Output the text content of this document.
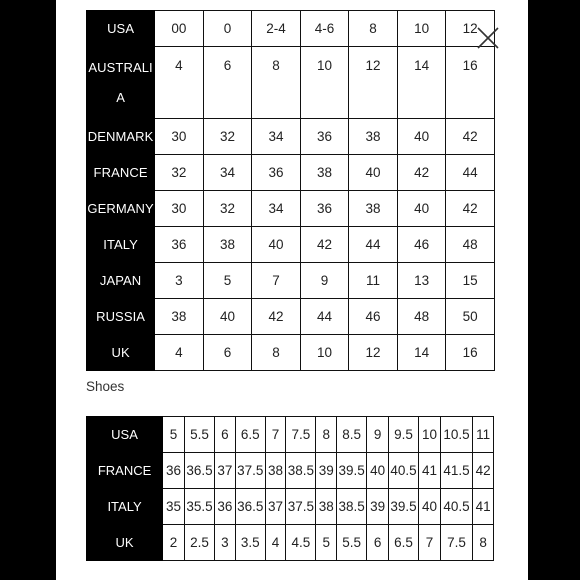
USA	00	0	2-4	4-6	8	10	12
AUSTRALIA	4	6	8	10	12	14	16
DENMARK	30	32	34	36	38	40	42
FRANCE	32	34	36	38	40	42	44
GERMANY	30	32	34	36	38	40	42
ITALY	36	38	40	42	44	46	48
JAPAN	3	5	7	9	11	13	15
RUSSIA	38	40	42	44	46	48	50
UK	4	6	8	10	12	14	16
Shoes
USA	5	5.5	6	6.5	7	7.5	8	8.5	9	9.5	10	10.5	11
FRANCE	36	36.5	37	37.5	38	38.5	39	39.5	40	40.5	41	41.5	42
ITALY	35	35.5	36	36.5	37	37.5	38	38.5	39	39.5	40	40.5	41
UK	2	2.5	3	3.5	4	4.5	5	5.5	6	6.5	7	7.5	8
